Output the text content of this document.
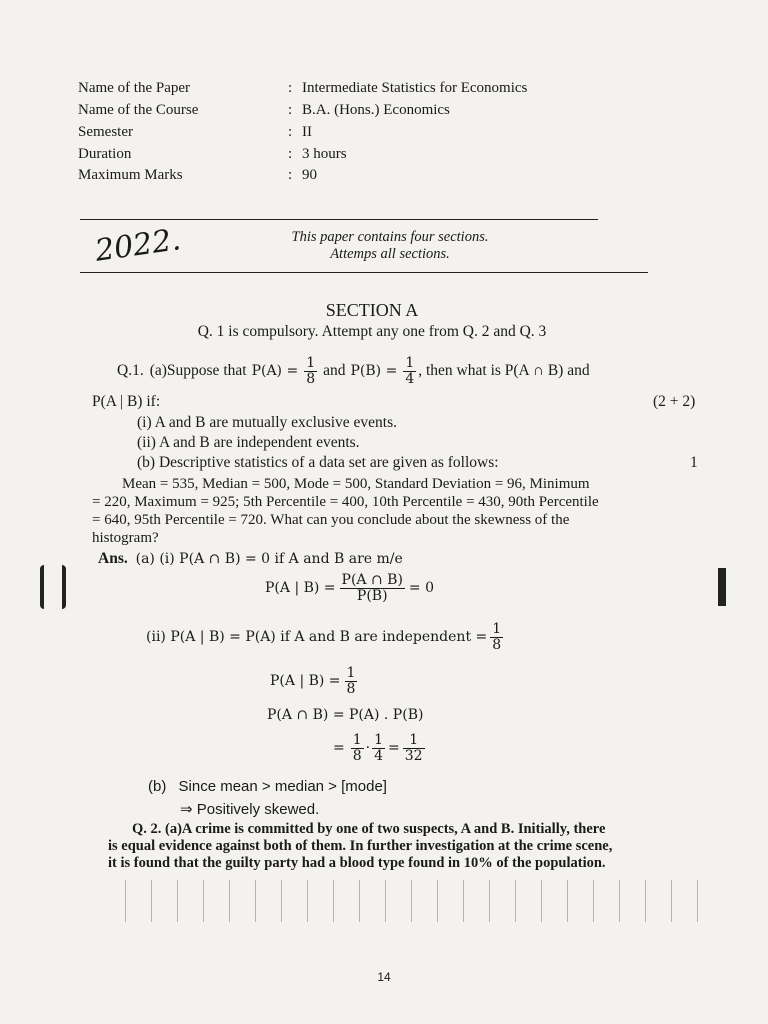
Name of the Paper	: Intermediate Statistics for Economics
Name of the Course	: B.A. (Hons.) Economics
Semester	: II
Duration	: 3 hours
Maximum Marks	: 90
2022.	This paper contains four sections.
Attemps all sections.
SECTION A
Q. 1 is compulsory. Attempt any one from Q. 2 and Q. 3
Q.1. (a)Suppose that $P(A) = \frac{1}{8}$ and $P(B) = \frac{1}{4}$ , then what is P(A ∩ B) and
P(A | B) if:	(2 + 2)
(i) A and B are mutually exclusive events.
(ii) A and B are independent events.
(b) Descriptive statistics of a data set are given as follows:	1
Mean = 535, Median = 500, Mode = 500, Standard Deviation = 96, Minimum
= 220, Maximum = 925; 5th Percentile = 400, 10th Percentile = 430, 90th Percentile
= 640, 95th Percentile = 720. What can you conclude about the skewness of the
histogram?
Ans. (a) (i) P(A ∩ B) = 0 if A and B are m/e
P(A | $B) = \frac{P(A \cap B)}{P(B)} = 0$
(ii) P(A | B) = P(A) if A and B are independent = $\frac{1}{8}$
P(A | $B) = \frac{1}{8}$
P(A ∩ B) = P(A) . P(B)
= $\frac{1}{8} \cdot \frac{1}{4} = \frac{1}{32}$
(b) Since mean > median > [mode]
⇒ Positively skewed.
Q. 2. (a)A crime is committed by one of two suspects, A and B. Initially, there
is equal evidence against both of them. In further investigation at the crime scene,
it is found that the guilty party had a blood type found in 10% of the population.
14
